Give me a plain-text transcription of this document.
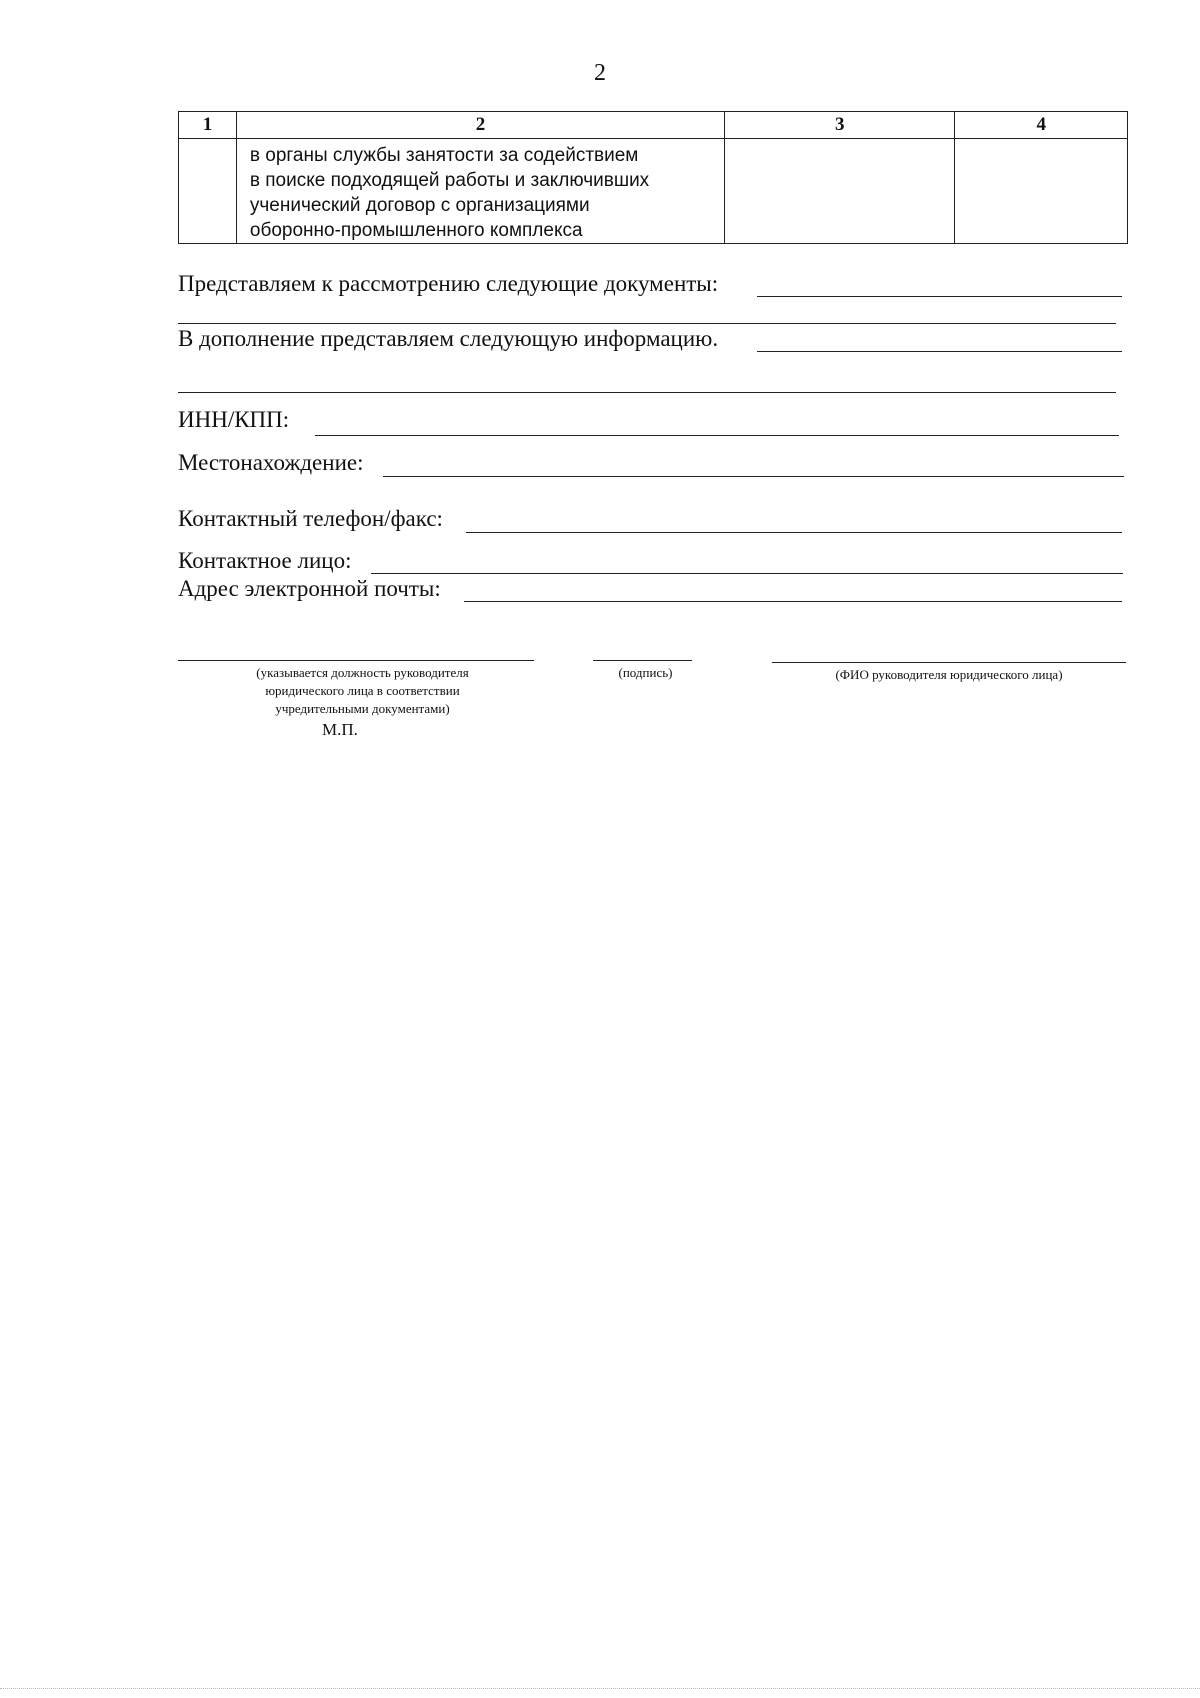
2
1	2	3	4

	в органы службы занятости за содействием
в поиске подходящей работы и заключивших
ученический договор с организациями
оборонно-промышленного комплекса		

Представляем к рассмотрению следующие документы:
В дополнение представляем следующую информацию.
ИНН/КПП:
Местонахождение:
Контактный телефон/факс:
Контактное лицо:
Адрес электронной почты:
(указывается должность руководителя
юридического лица в соответствии
учредительными документами)
(подпись)	(ФИО руководителя юридического лица)
М.П.
